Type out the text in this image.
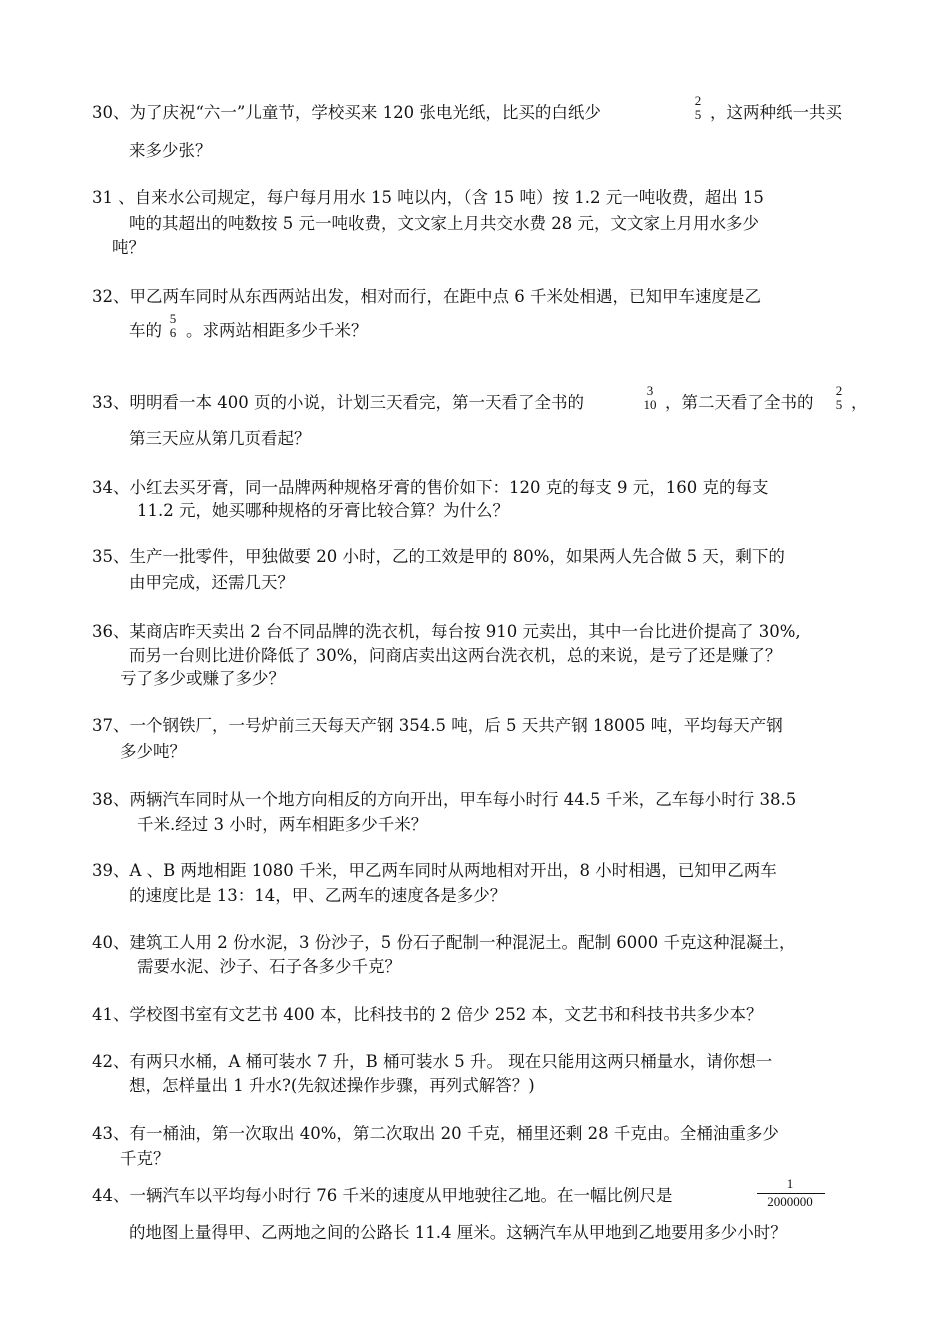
30、为了庆祝“六一”儿童节，学校买来 120 张电光纸，比买的白纸少
2
5 ，这两种纸一共买
来多少张？
31 、自来水公司规定，每户每月用水 15 吨以内，（含 15 吨）按 1.2 元一吨收费，超出 15
吨的其超出的吨数按 5 元一吨收费，文文家上月共交水费 28 元，文文家上月用水多少
吨？
32、甲乙两车同时从东西两站出发，相对而行，在距中点 6 千米处相遇，已知甲车速度是乙
车的
5
6 。求两站相距多少千米？
33、明明看一本 400 页的小说，计划三天看完，第一天看了全书的
3
10 ，第二天看了全书的
2
5 ，
第三天应从第几页看起？
34、小红去买牙膏，同一品牌两种规格牙膏的售价如下：120 克的每支 9 元，160 克的每支
11.2 元，她买哪种规格的牙膏比较合算？为什么？
35、生产一批零件，甲独做要 20 小时，乙的工效是甲的 80%，如果两人先合做 5 天，剩下的
由甲完成，还需几天？
36、某商店昨天卖出 2 台不同品牌的洗衣机，每台按 910 元卖出，其中一台比进价提高了 30%,
而另一台则比进价降低了 30%，问商店卖出这两台洗衣机，总的来说，是亏了还是赚了？
亏了多少或赚了多少？
37、一个钢铁厂，一号炉前三天每天产钢 354.5 吨，后 5 天共产钢 18005 吨，平均每天产钢
多少吨？
38、两辆汽车同时从一个地方向相反的方向开出，甲车每小时行 44.5 千米，乙车每小时行 38.5
千米.经过 3 小时，两车相距多少千米？
39、A 、B 两地相距 1080 千米，甲乙两车同时从两地相对开出，8 小时相遇，已知甲乙两车
的速度比是 13：14，甲、乙两车的速度各是多少？
40、建筑工人用 2 份水泥，3 份沙子，5 份石子配制一种混泥土。配制 6000 千克这种混凝土，
需要水泥、沙子、石子各多少千克？
41、学校图书室有文艺书 400 本，比科技书的 2 倍少 252 本，文艺书和科技书共多少本？
42、有两只水桶，A 桶可装水 7 升，B 桶可装水 5 升。 现在只能用这两只桶量水，请你想一
想，怎样量出 1 升水?(先叙述操作步骤，再列式解答？)
43、有一桶油，第一次取出 40%，第二次取出 20 千克，桶里还剩 28 千克由。全桶油重多少
千克？
44、一辆汽车以平均每小时行 76 千米的速度从甲地驶往乙地。在一幅比例尺是
1
2000000
的地图上量得甲、乙两地之间的公路长 11.4 厘米。这辆汽车从甲地到乙地要用多少小时？
